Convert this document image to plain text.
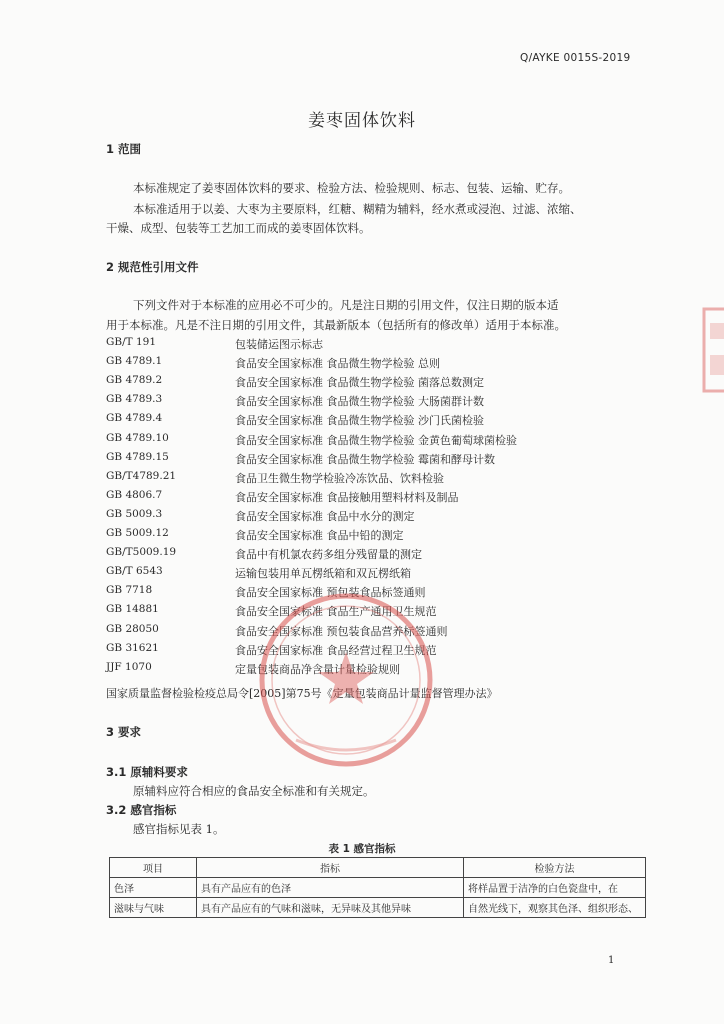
Q/AYKE 0015S-2019
姜枣固体饮料
1 范围
本标准规定了姜枣固体饮料的要求、检验方法、检验规则、标志、包装、运输、贮存。
本标准适用于以姜、大枣为主要原料，红糖、糊精为辅料，经水煮或浸泡、过滤、浓缩、
干燥、成型、包装等工艺加工而成的姜枣固体饮料。
2 规范性引用文件
下列文件对于本标准的应用必不可少的。凡是注日期的引用文件，仅注日期的版本适
用于本标准。凡是不注日期的引用文件，其最新版本（包括所有的修改单）适用于本标准。
GB/T 191	包装储运图示标志
GB 4789.1	食品安全国家标准 食品微生物学检验 总则
GB 4789.2	食品安全国家标准 食品微生物学检验 菌落总数测定
GB 4789.3	食品安全国家标准 食品微生物学检验 大肠菌群计数
GB 4789.4	食品安全国家标准 食品微生物学检验 沙门氏菌检验
GB 4789.10	食品安全国家标准 食品微生物学检验 金黄色葡萄球菌检验
GB 4789.15	食品安全国家标准 食品微生物学检验 霉菌和酵母计数
GB/T4789.21	食品卫生微生物学检验冷冻饮品、饮料检验
GB 4806.7	食品安全国家标准 食品接触用塑料材料及制品
GB 5009.3	食品安全国家标准 食品中水分的测定
GB 5009.12	食品安全国家标准 食品中铅的测定
GB/T5009.19	食品中有机氯农药多组分残留量的测定
GB/T 6543	运输包装用单瓦楞纸箱和双瓦楞纸箱
GB 7718	食品安全国家标准 预包装食品标签通则
GB 14881	食品安全国家标准 食品生产通用卫生规范
GB 28050	食品安全国家标准 预包装食品营养标签通则
GB 31621	食品安全国家标准 食品经营过程卫生规范
JJF 1070	定量包装商品净含量计量检验规则
国家质量监督检验检疫总局令[2005]第75号《定量包装商品计量监督管理办法》
3 要求
3.1 原辅料要求
原辅料应符合相应的食品安全标准和有关规定。
3.2 感官指标
感官指标见表 1。
表 1 感官指标
项目	指标	检验方法
色泽	具有产品应有的色泽	将样品置于洁净的白色瓷盘中，在
滋味与气味	具有产品应有的气味和滋味，无异味及其他异味	自然光线下，观察其色泽、组织形态、
1
